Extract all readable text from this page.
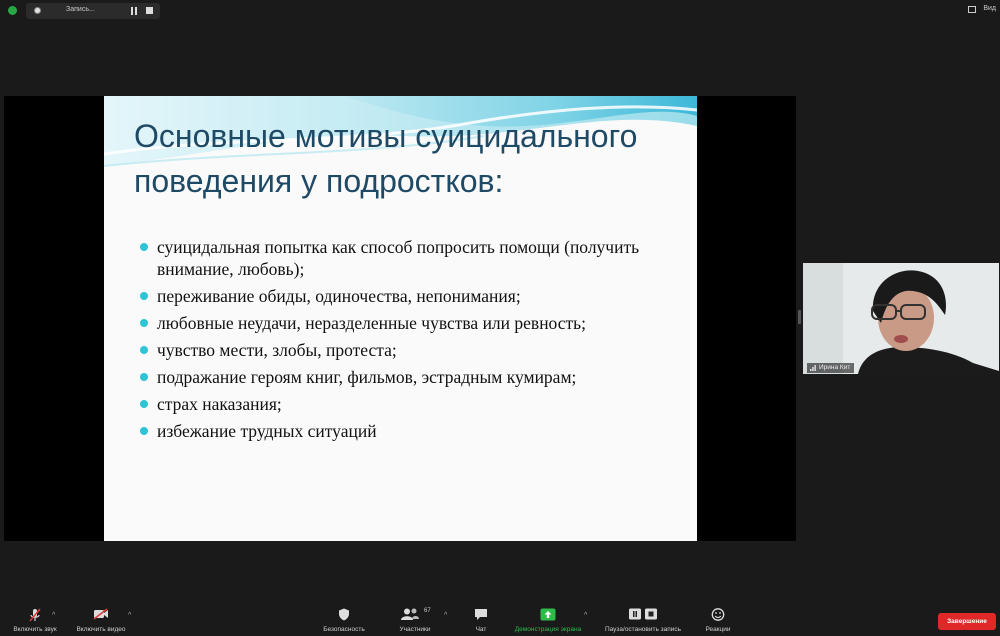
Запись...	Вид
Основные мотивы суицидального поведения у подростков:
суицидальная попытка как способ попросить помощи (получить внимание, любовь);
переживание обиды, одиночества, непонимания;
любовные неудачи, неразделенные чувства или ревность;
чувство мести, злобы, протеста;
подражание героям книг, фильмов, эстрадным кумирам;
страх наказания;
избежание трудных ситуаций
Ирина Кит
Включить звук
^
Включить видео
^
Безопасность
67
Участники
^
Чат	Демонстрация экрана
^
Пауза/остановить запись	Реакции
Завершение
